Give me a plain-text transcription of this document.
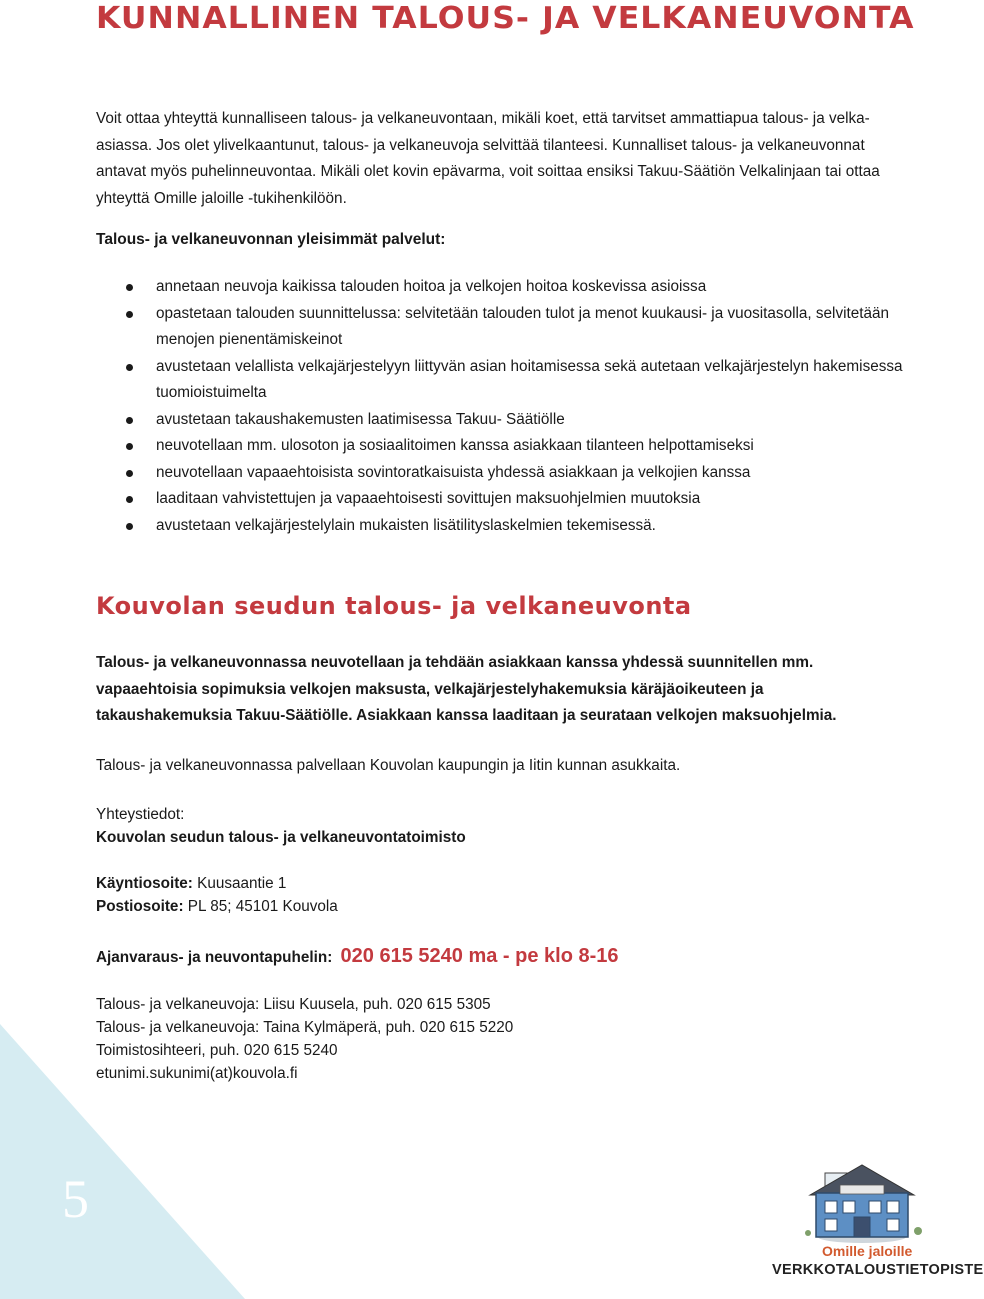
5
KUNNALLINEN TALOUS- JA VELKANEUVONTA

Voit ottaa yhteyttä kunnalliseen talous- ja velkaneuvontaan, mikäli koet, että tarvitset ammattiapua talous- ja velka-asiassa. Jos olet ylivelkaantunut, talous- ja velkaneuvoja selvittää tilanteesi. Kunnalliset talous- ja velkaneuvonnat antavat myös puhelinneuvontaa. Mikäli olet kovin epävarma, voit soittaa ensiksi Takuu-Säätiön Velkalinjaan tai ottaa yhteyttä Omille jaloille -tukihenkilöön.

Talous- ja velkaneuvonnan yleisimmät palvelut:

annetaan neuvoja kaikissa talouden hoitoa ja velkojen hoitoa koskevissa asioissa
opastetaan talouden suunnittelussa: selvitetään talouden tulot ja menot kuukausi- ja vuositasolla, selvitetään menojen pienentämiskeinot
avustetaan velallista velkajärjestelyyn liittyvän asian hoitamisessa sekä autetaan velkajärjestelyn hakemisessa tuomioistuimelta
avustetaan takaushakemusten laatimisessa Takuu- Säätiölle
neuvotellaan mm. ulosoton ja sosiaalitoimen kanssa asiakkaan tilanteen helpottamiseksi
neuvotellaan vapaaehtoisista sovintoratkaisuista yhdessä asiakkaan ja velkojien kanssa
laaditaan vahvistettujen ja vapaaehtoisesti sovittujen maksuohjelmien muutoksia
avustetaan velkajärjestelylain mukaisten lisätilityslaskelmien tekemisessä.
Kouvolan seudun talous- ja velkaneuvonta

Talous- ja velkaneuvonnassa neuvotellaan ja tehdään asiakkaan kanssa yhdessä suunnitellen mm. vapaaehtoisia sopimuksia velkojen maksusta, velkajärjestelyhakemuksia käräjäoikeuteen ja takaushakemuksia Takuu-Säätiölle. Asiakkaan kanssa laaditaan ja seurataan velkojen maksuohjelmia.

Talous- ja velkaneuvonnassa palvellaan Kouvolan kaupungin ja Iitin kunnan asukkaita.

Yhteystiedot:

Kouvolan seudun talous- ja velkaneuvontatoimisto

Käyntiosoite: Kuusaantie 1

Postiosoite: PL 85; 45101 Kouvola

Ajanvaraus- ja neuvontapuhelin: 020 615 5240 ma - pe klo 8-16

Talous- ja velkaneuvoja: Liisu Kuusela, puh. 020 615 5305
Talous- ja velkaneuvoja: Taina Kylmäperä, puh. 020 615 5220
Toimistosihteeri, puh. 020 615 5240
etunimi.sukunimi(at)kouvola.fi
Omille jaloille
VERKKOTALOUSTIETOPISTE
